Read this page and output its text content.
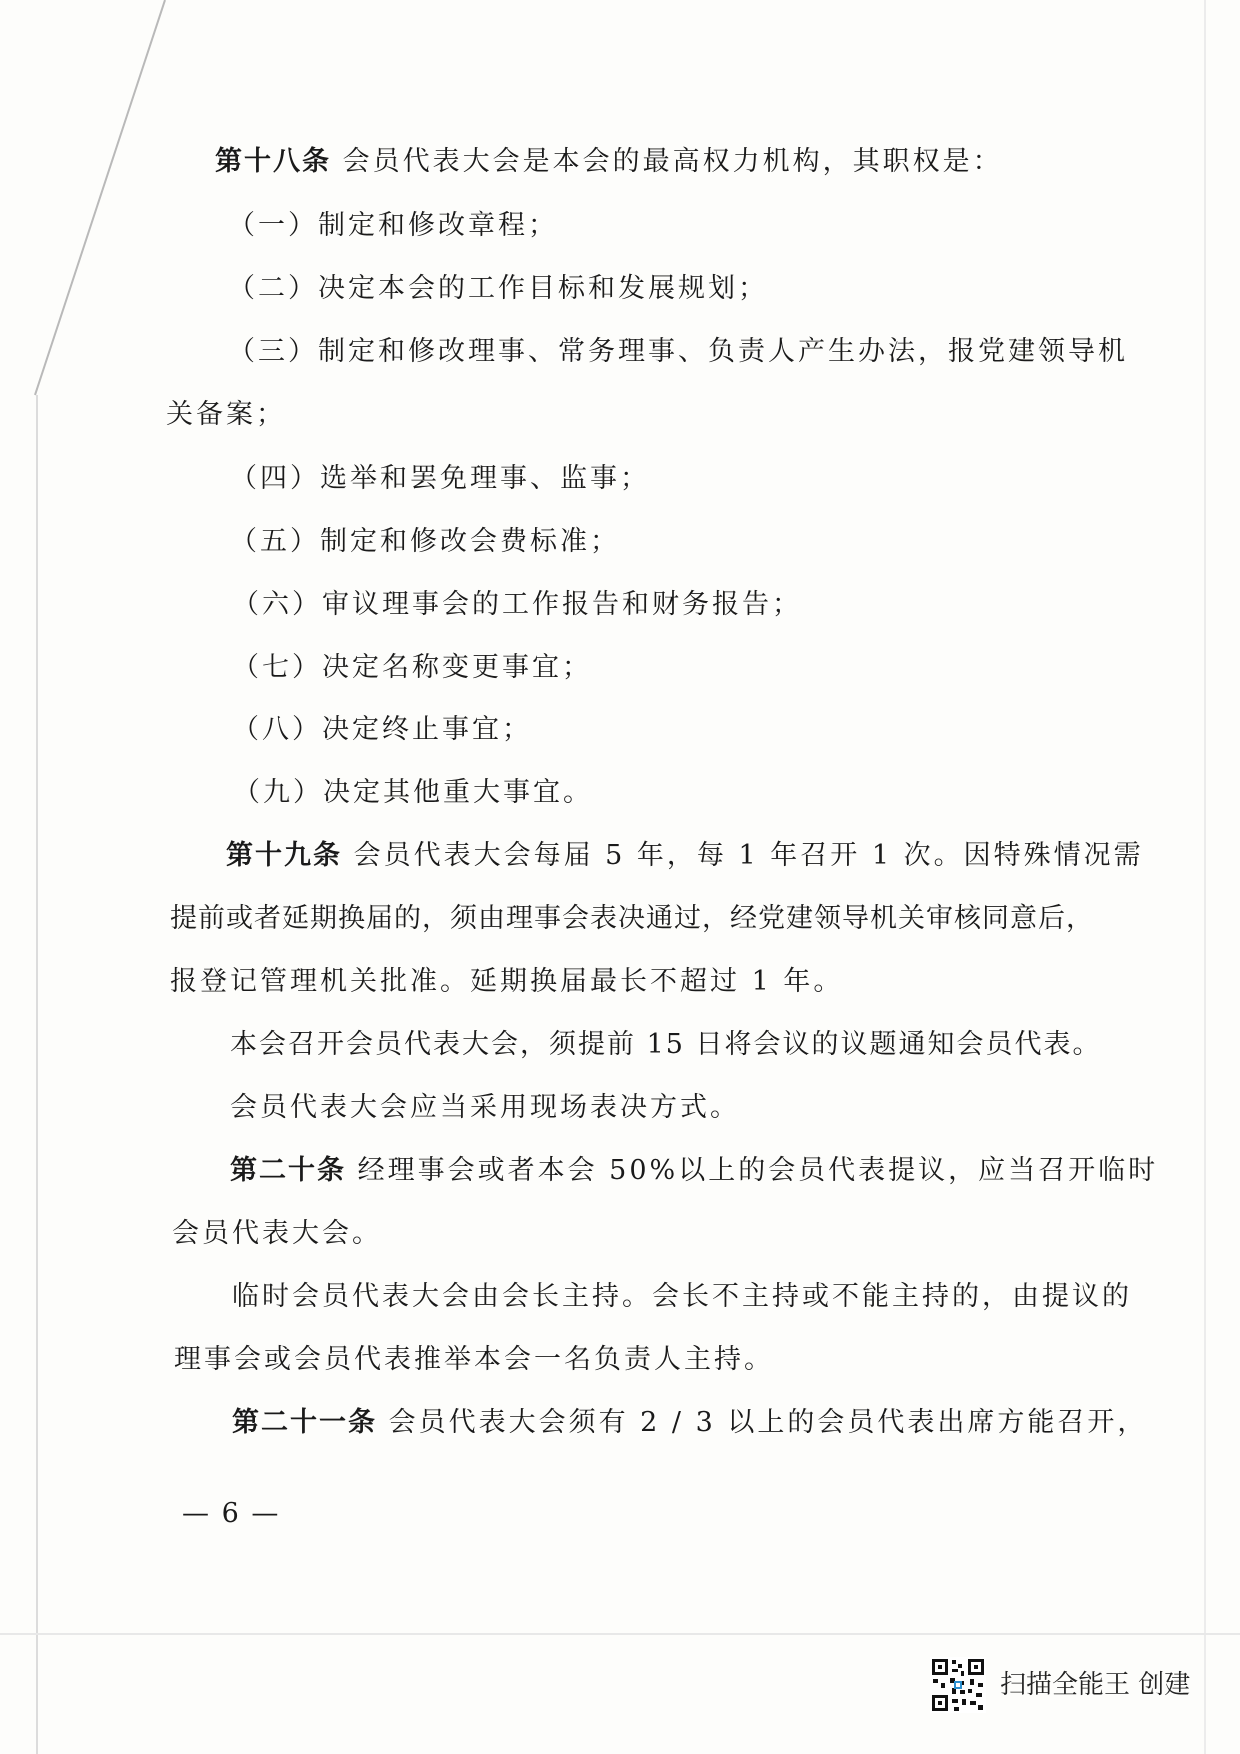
第十八条 会员代表大会是本会的最高权力机构，其职权是：
（一）制定和修改章程；
（二）决定本会的工作目标和发展规划；
（三）制定和修改理事、常务理事、负责人产生办法，报党建领导机
关备案；
（四）选举和罢免理事、监事；
（五）制定和修改会费标准；
（六）审议理事会的工作报告和财务报告；
（七）决定名称变更事宜；
（八）决定终止事宜；
（九）决定其他重大事宜。
第十九条 会员代表大会每届 5 年，每 1 年召开 1 次。因特殊情况需
提前或者延期换届的，须由理事会表决通过，经党建领导机关审核同意后，
报登记管理机关批准。延期换届最长不超过 1 年。
本会召开会员代表大会，须提前 15 日将会议的议题通知会员代表。
会员代表大会应当采用现场表决方式。
第二十条 经理事会或者本会 50%以上的会员代表提议，应当召开临时
会员代表大会。
临时会员代表大会由会长主持。会长不主持或不能主持的，由提议的
理事会或会员代表推举本会一名负责人主持。
第二十一条 会员代表大会须有 2 / 3 以上的会员代表出席方能召开，
— 6 —
扫描全能王 创建
